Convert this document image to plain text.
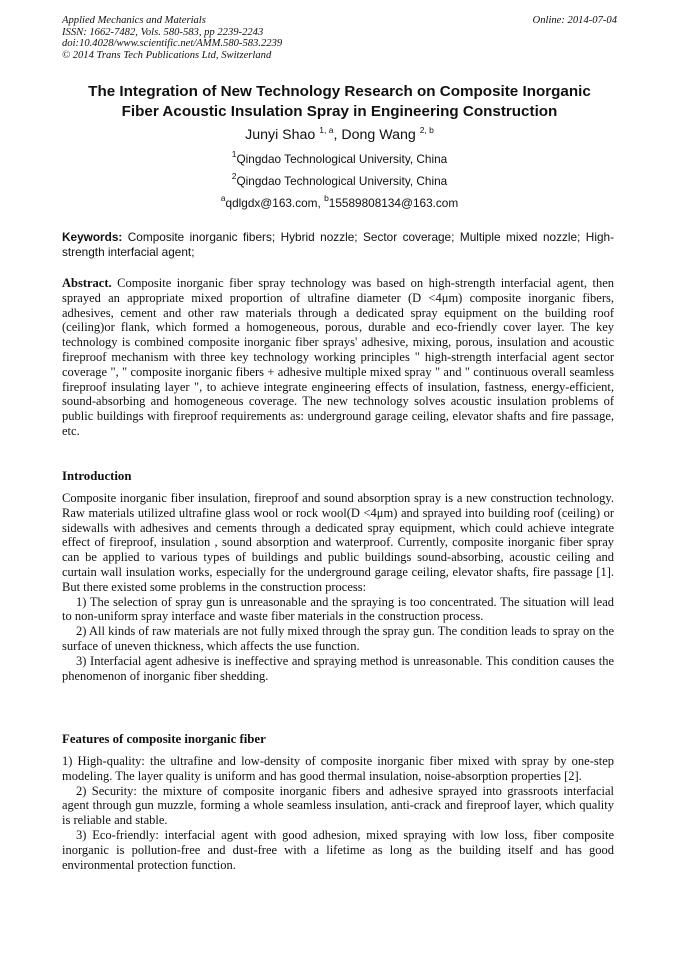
Applied Mechanics and Materials
ISSN: 1662-7482, Vols. 580-583, pp 2239-2243
doi:10.4028/www.scientific.net/AMM.580-583.2239
© 2014 Trans Tech Publications Ltd, Switzerland
Online: 2014-07-04
The Integration of New Technology Research on Composite Inorganic
Fiber Acoustic Insulation Spray in Engineering Construction
Junyi Shao $^{1, a}$, Dong Wang $^{2, b}$
$^1$Qingdao Technological University, China
$^2$Qingdao Technological University, China
$^a$qdlgdx@163.com, $^b$15589808134@163.com
Keywords: Composite inorganic fibers; Hybrid nozzle; Sector coverage; Multiple mixed nozzle; High-strength interfacial agent;

Abstract. Composite inorganic fiber spray technology was based on high-strength interfacial agent, then sprayed an appropriate mixed proportion of ultrafine diameter (D <4μm) composite inorganic fibers, adhesives, cement and other raw materials through a dedicated spray equipment on the building roof (ceiling)or flank, which formed a homogeneous, porous, durable and eco-friendly cover layer. The key technology is combined composite inorganic fiber sprays' adhesive, mixing, porous, insulation and acoustic fireproof mechanism with three key technology working principles " high-strength interfacial agent sector coverage ", " composite inorganic fibers + adhesive multiple mixed spray " and " continuous overall seamless fireproof insulating layer ", to achieve integrate engineering effects of insulation, fastness, energy-efficient, sound-absorbing and homogeneous coverage. The new technology solves acoustic insulation problems of public buildings with fireproof requirements as: underground garage ceiling, elevator shafts and fire passage, etc.

Introduction

Composite inorganic fiber insulation, fireproof and sound absorption spray is a new construction technology. Raw materials utilized ultrafine glass wool or rock wool(D <4μm) and sprayed into building roof (ceiling) or sidewalls with adhesives and cements through a dedicated spray equipment, which could achieve integrate effect of fireproof, insulation , sound absorption and waterproof. Currently, composite inorganic fiber spray can be applied to various types of buildings and public buildings sound-absorbing, acoustic ceiling and curtain wall insulation works, especially for the underground garage ceiling, elevator shafts, fire passage [1]. But there existed some problems in the construction process:

1) The selection of spray gun is unreasonable and the spraying is too concentrated. The situation will lead to non-uniform spray interface and waste fiber materials in the construction process.

2) All kinds of raw materials are not fully mixed through the spray gun. The condition leads to spray on the surface of uneven thickness, which affects the use function.

3) Interfacial agent adhesive is ineffective and spraying method is unreasonable. This condition causes the phenomenon of inorganic fiber shedding.

Features of composite inorganic fiber

1) High-quality: the ultrafine and low-density of composite inorganic fiber mixed with spray by one-step modeling. The layer quality is uniform and has good thermal insulation, noise-absorption properties [2].

2) Security: the mixture of composite inorganic fibers and adhesive sprayed into grassroots interfacial agent through gun muzzle, forming a whole seamless insulation, anti-crack and fireproof layer, which quality is reliable and stable.

3) Eco-friendly: interfacial agent with good adhesion, mixed spraying with low loss, fiber composite inorganic is pollution-free and dust-free with a lifetime as long as the building itself and has good environmental protection function.
